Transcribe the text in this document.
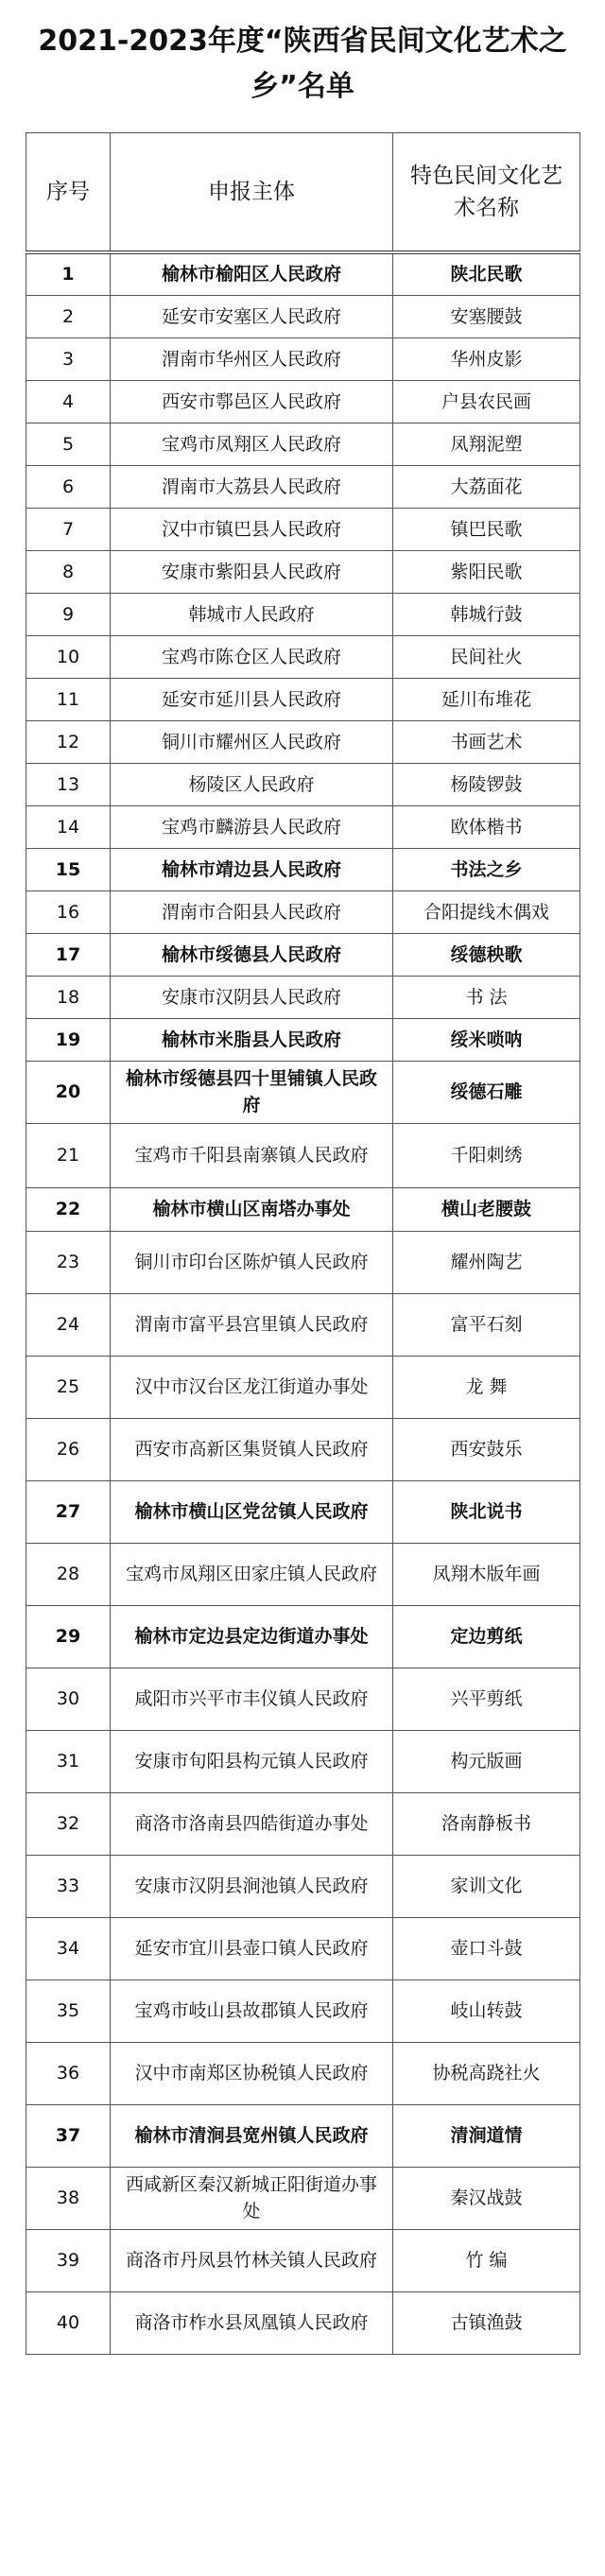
2021-2023年度“陕西省民间文化艺术之乡”名单
序号	申报主体	特色民间文化艺术名称
1	榆林市榆阳区人民政府	陕北民歌
2	延安市安塞区人民政府	安塞腰鼓
3	渭南市华州区人民政府	华州皮影
4	西安市鄠邑区人民政府	户县农民画
5	宝鸡市凤翔区人民政府	凤翔泥塑
6	渭南市大荔县人民政府	大荔面花
7	汉中市镇巴县人民政府	镇巴民歌
8	安康市紫阳县人民政府	紫阳民歌
9	韩城市人民政府	韩城行鼓
10	宝鸡市陈仓区人民政府	民间社火
11	延安市延川县人民政府	延川布堆花
12	铜川市耀州区人民政府	书画艺术
13	杨陵区人民政府	杨陵锣鼓
14	宝鸡市麟游县人民政府	欧体楷书
15	榆林市靖边县人民政府	书法之乡
16	渭南市合阳县人民政府	合阳提线木偶戏
17	榆林市绥德县人民政府	绥德秧歌
18	安康市汉阴县人民政府	书 法
19	榆林市米脂县人民政府	绥米唢呐
20	榆林市绥德县四十里铺镇人民政府	绥德石雕
21	宝鸡市千阳县南寨镇人民政府	千阳刺绣
22	榆林市横山区南塔办事处	横山老腰鼓
23	铜川市印台区陈炉镇人民政府	耀州陶艺
24	渭南市富平县宫里镇人民政府	富平石刻
25	汉中市汉台区龙江街道办事处	龙 舞
26	西安市高新区集贤镇人民政府	西安鼓乐
27	榆林市横山区党岔镇人民政府	陕北说书
28	宝鸡市凤翔区田家庄镇人民政府	凤翔木版年画
29	榆林市定边县定边街道办事处	定边剪纸
30	咸阳市兴平市丰仪镇人民政府	兴平剪纸
31	安康市旬阳县构元镇人民政府	构元版画
32	商洛市洛南县四皓街道办事处	洛南静板书
33	安康市汉阴县涧池镇人民政府	家训文化
34	延安市宜川县壶口镇人民政府	壶口斗鼓
35	宝鸡市岐山县故郡镇人民政府	岐山转鼓
36	汉中市南郑区协税镇人民政府	协税高跷社火
37	榆林市清涧县宽州镇人民政府	清涧道情
38	西咸新区秦汉新城正阳街道办事处	秦汉战鼓
39	商洛市丹凤县竹林关镇人民政府	竹 编
40	商洛市柞水县凤凰镇人民政府	古镇渔鼓
